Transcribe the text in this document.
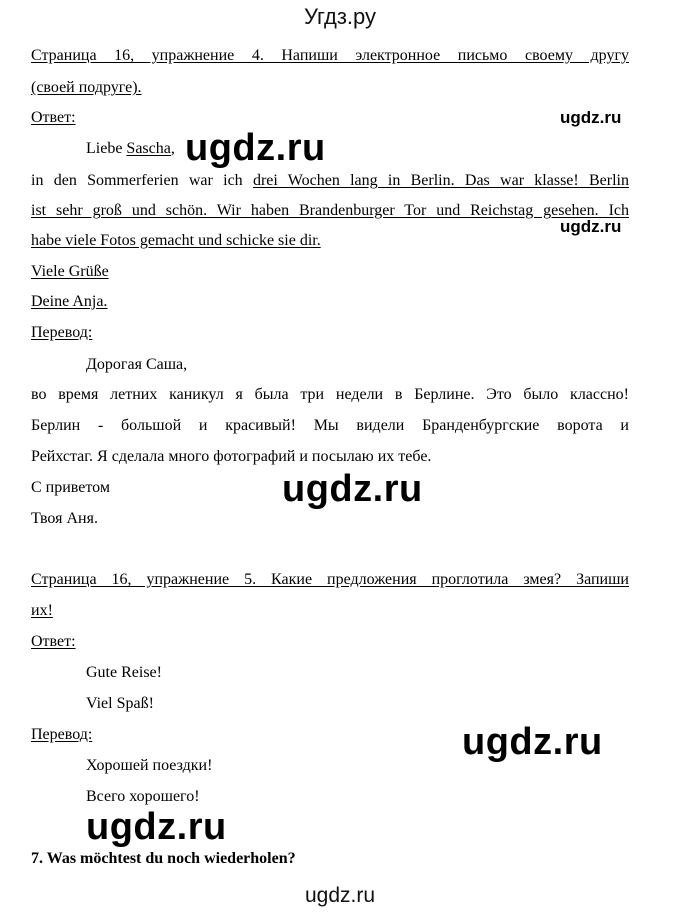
Угдз.ру
Страница 16, упражнение 4. Напиши электронное письмо своему другу
(своей подруге).
Ответ:
Liebe Sascha,
in den Sommerferien war ich drei Wochen lang in Berlin. Das war klasse! Berlin
ist sehr groß und schön. Wir haben Brandenburger Tor und Reichstag gesehen. Ich
habe viele Fotos gemacht und schicke sie dir.
Viele Grüße
Deine Anja.
Перевод:
Дорогая Саша,
во время летних каникул я была три недели в Берлине. Это было классно!
Берлин - большой и красивый! Мы видели Бранденбургские ворота и
Рейхстаг. Я сделала много фотографий и посылаю их тебе.
С приветом
Твоя Аня.
Страница 16, упражнение 5. Какие предложения проглотила змея? Запиши
их!
Ответ:
Gute Reise!
Viel Spaß!
Перевод:
Хорошей поездки!
Всего хорошего!
7. Was möchtest du noch wiederholen?
ugdz.ru
ugdz.ru
ugdz.ru
ugdz.ru
ugdz.ru
ugdz.ru
ugdz.ru
